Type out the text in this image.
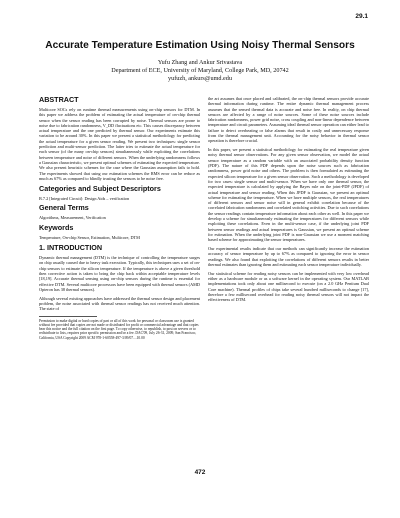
29.1
Accurate Temperature Estimation Using Noisy Thermal Sensors
Yufu Zhang and Ankur Srivastava
Department of ECE, University of Maryland, College Park, MD, 20742
yufuzh, ankurs@umd.edu
ABSTRACT

Multicore SOCs rely on runtime thermal measurements using on-chip sensors for DTM. In this paper we address the problem of estimating the actual temperature of on-chip thermal sensor when the sensor reading has been corrupted by noise. Thermal sensors are prone to noise due to fabrication randomness, V_DD fluctuations etc. This causes discrepancy between actual temperature and the one predicted by thermal sensor. Our experiments estimate this variation to be around 30%. In this paper we present a statistical methodology for predicting the actual temperature for a given sensor reading. We present two techniques: single sensor prediction and multi-sensor prediction. The latter tries to estimate the actual temperature for each sensor (of the many on-chip sensors) simultaneously while exploiting the correlations between temperature and noise of different sensors. When the underlying randomness follows a Gaussian characteristic, we present optimal schemes of estimating the expected temperature. We also present heuristic schemes for the case where the Gaussian assumption fails to hold. The experiments showed that using our estimation schemes the RMS error can be reduce as much as 67% as compared to blindly trusting the sensors to be noise free.

Categories and Subject Descriptors

B.7.2 [Integrated Circuit]: Design Aids – verification

General Terms

Algorithms, Measurement, Verification

Keywords

Temperature, On-chip Sensor, Estimation, Multicore, DTM

1. INTRODUCTION

Dynamic thermal management (DTM) is the technique of controlling the temperature surges on chip usually caused due to heavy task execution. Typically, this techniques uses a set of on-chip sensors to estimate the silicon temperature. If the temperature is above a given threshold then corrective action is taken to bring the chip back within acceptable temperature levels [18,19]. Accurate thermal sensing using on-chip sensors during the runtime is essential for effective DTM. Several multicore processors have been equipped with thermal sensors (AMD Opteron has 38 thermal sensors).

Although several existing approaches have addressed the thermal sensor design and placement problem, the noise associated with thermal sensor readings has not received much attention. The state of

Permission to make digital or hard copies of part or all of this work for personal or classroom use is granted without fee provided that copies are not made or distributed for profit or commercial advantage and that copies bear this notice and the full citation on the first page. To copy otherwise, to republish, to post on servers or to redistribute to lists, requires prior specific permission and/or a fee. DAC'09, July 26-31, 2009, San Francisco, California, USA Copyright 2009 ACM 978-1-60558-497-3/09/07....10.00

the art assumes that once placed and calibrated, the on-chip thermal sensors provide accurate thermal information during runtime. The entire dynamic thermal management process assumes that the sensed thermal data is accurate and noise free. In reality, on chip thermal sensors are affected by a range of noise sources. Some of these noise sources include fabrication randomness, power grid noise, cross coupling and non-linear dependence between temperature and circuit parameters. Assuming ideal thermal sensor operation can either lead to failure to detect overheating or false alarms that result in costly and unnecessary response from the thermal management unit. Accounting for the noisy behavior in thermal sensor operation is therefore crucial.

In this paper, we present a statistical methodology for estimating the real temperature given noisy thermal sensor observations. For any given sensor observation, we model the actual sensor temperature as a random variable with an associated probability density function (PDF). The nature of this PDF depends upon the noise sources such as fabrication randomness, power grid noise and others. The problem is then formulated as estimating the expected silicon temperature for a given sensor observation. Such a methodology is developed for two cases: single sensor and multi-sensor. When we have only one thermal sensor, the expected temperature is calculated by applying the Bayes rule on the joint-PDF (JPDF) of actual temperature and sensor reading. When this JPDF is Gaussian, we present an optimal scheme for estimating the temperature. When we have multiple sensors, the real temperatures of different sensors and sensor noise will in general exhibit correlation because of the correlated fabrication randomness and correlated switching activities. Due to such correlations the sensor readings contain temperature information about each other as well. In this paper we develop a scheme for simultaneously estimating the temperatures for different sensors while exploiting these correlations. Even in the multi-sensor case, if the underlying joint PDF between sensor readings and actual temperatures is Gaussian, we present an optimal scheme for estimation. When the underlying joint PDF is non-Gaussian we use a moment matching based scheme for approximating the sensor temperatures.

Our experimental results indicate that our methods can significantly increase the estimation accuracy of sensor temperature by up to 67% as compared to ignoring the error in sensor readings. We also found that exploiting the correlations of different sensors results in better thermal estimates than ignoring them and estimating each sensor temperature individually.

Our statistical scheme for reading noisy sensors can be implemented with very low overhead either as a hardware module or as a software kernel in the operating system. Our MATLAB implementations took only about one millisecond to execute (on a 2.0 GHz Pentium Dual Core machine). Thermal profiles of chips take several hundred milliseconds to change [17], therefore a few millisecond overhead for reading noisy thermal sensors will not impact the effectiveness of DTM.

472
